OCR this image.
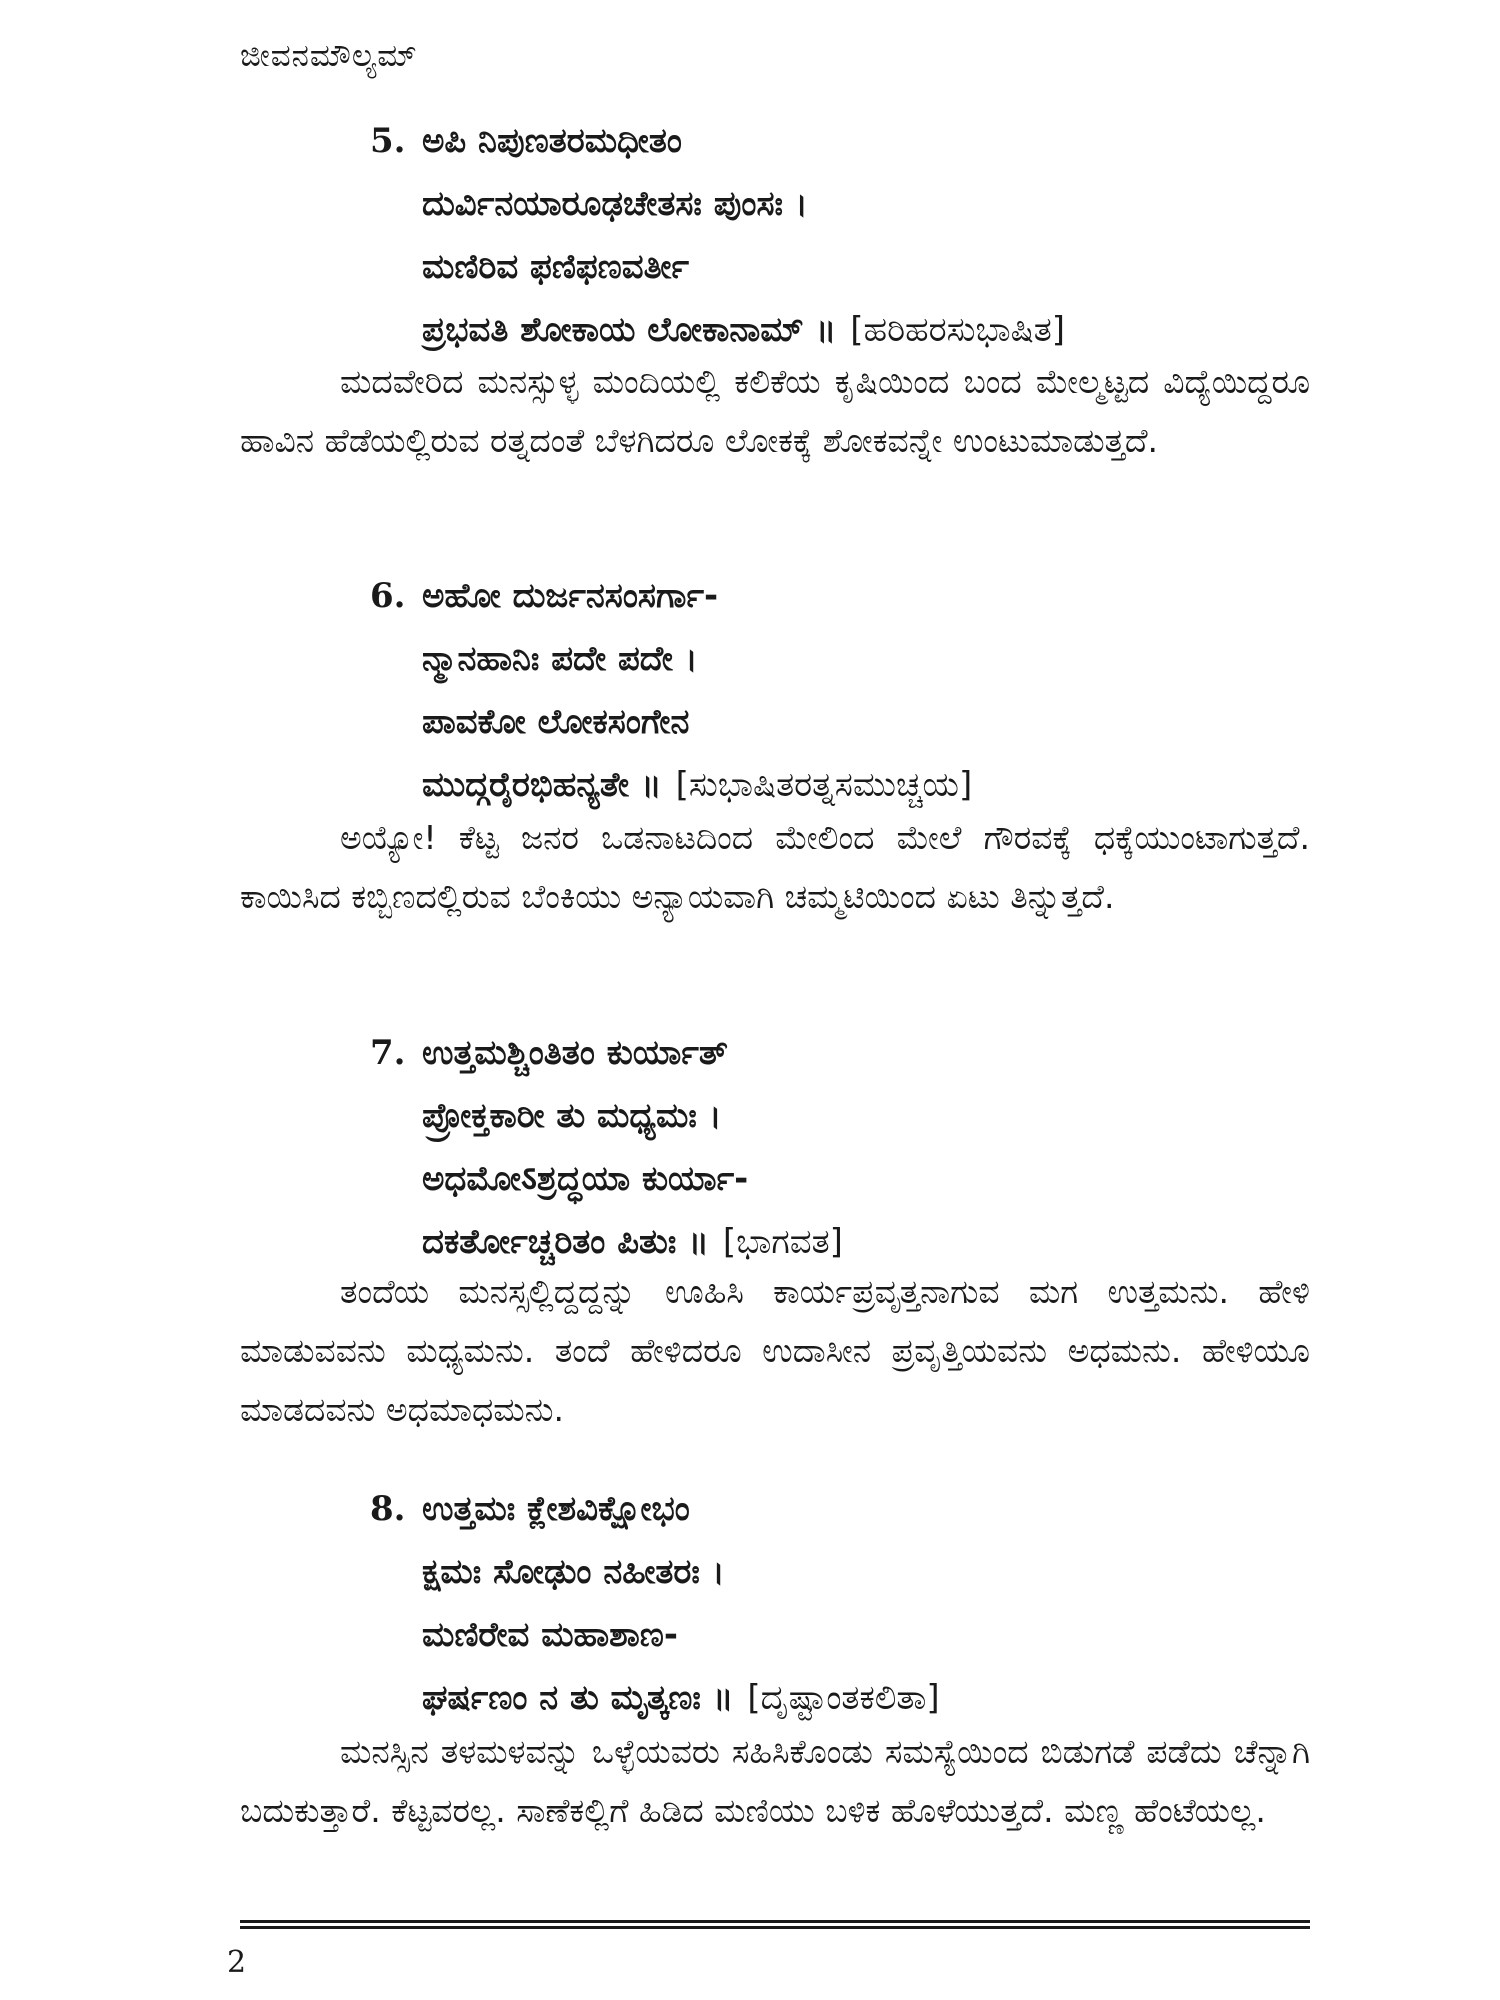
ಜೀವನಮೌಲ್ಯಮ್
5. ಅಪಿ ನಿಪುಣತರಮಧೀತಂ
ದುರ್ವಿನಯಾರೂಢಚೇತಸಃ ಪುಂಸಃ ।
ಮಣಿರಿವ ಫಣಿಫಣವರ್ತೀ
ಪ್ರಭವತಿ ಶೋಕಾಯ ಲೋಕಾನಾಮ್ ॥ [ಹರಿಹರಸುಭಾಷಿತ]
ಮದವೇರಿದ ಮನಸ್ಸುಳ್ಳ ಮಂದಿಯಲ್ಲಿ ಕಲಿಕೆಯ ಕೃಷಿಯಿಂದ ಬಂದ ಮೇಲ್ಮಟ್ಟದ ವಿದ್ಯೆಯಿದ್ದರೂ ಹಾವಿನ ಹೆಡೆಯಲ್ಲಿರುವ ರತ್ನದಂತೆ ಬೆಳಗಿದರೂ ಲೋಕಕ್ಕೆ ಶೋಕವನ್ನೇ ಉಂಟುಮಾಡುತ್ತದೆ.
6. ಅಹೋ ದುರ್ಜನಸಂಸರ್ಗಾ-
ನ್ಮಾನಹಾನಿಃ ಪದೇ ಪದೇ ।
ಪಾವಕೋ ಲೋಕಸಂಗೇನ
ಮುದ್ಗರೈರಭಿಹನ್ಯತೇ ॥ [ಸುಭಾಷಿತರತ್ನಸಮುಚ್ಚಯ]
ಅಯ್ಯೋ! ಕೆಟ್ಟ ಜನರ ಒಡನಾಟದಿಂದ ಮೇಲಿಂದ ಮೇಲೆ ಗೌರವಕ್ಕೆ ಧಕ್ಕೆಯುಂಟಾಗುತ್ತದೆ. ಕಾಯಿಸಿದ ಕಬ್ಬಿಣದಲ್ಲಿರುವ ಬೆಂಕಿಯು ಅನ್ಯಾಯವಾಗಿ ಚಮ್ಮಟಿಯಿಂದ ಏಟು ತಿನ್ನುತ್ತದೆ.
7. ಉತ್ತಮಶ್ಚಿಂತಿತಂ ಕುರ್ಯಾತ್
ಪ್ರೋಕ್ತಕಾರೀ ತು ಮಧ್ಯಮಃ ।
ಅಧಮೋऽಶ್ರದ್ಧಯಾ ಕುರ್ಯಾ-
ದಕರ್ತೋಚ್ಚರಿತಂ ಪಿತುಃ ॥ [ಭಾಗವತ]
ತಂದೆಯ ಮನಸ್ಸಲ್ಲಿದ್ದದ್ದನ್ನು ಊಹಿಸಿ ಕಾರ್ಯಪ್ರವೃತ್ತನಾಗುವ ಮಗ ಉತ್ತಮನು. ಹೇಳಿ ಮಾಡುವವನು ಮಧ್ಯಮನು. ತಂದೆ ಹೇಳಿದರೂ ಉದಾಸೀನ ಪ್ರವೃತ್ತಿಯವನು ಅಧಮನು. ಹೇಳಿಯೂ ಮಾಡದವನು ಅಧಮಾಧಮನು.
8. ಉತ್ತಮಃ ಕ್ಲೇಶವಿಕ್ಷೋಭಂ
ಕ್ಷಮಃ ಸೋಢುಂ ನಹೀತರಃ ।
ಮಣಿರೇವ ಮಹಾಶಾಣ-
ಘರ್ಷಣಂ ನ ತು ಮೃತ್ಕಣಃ ॥ [ದೃಷ್ಟಾಂತಕಲಿತಾ]
ಮನಸ್ಸಿನ ತಳಮಳವನ್ನು ಒಳ್ಳೆಯವರು ಸಹಿಸಿಕೊಂಡು ಸಮಸ್ಯೆಯಿಂದ ಬಿಡುಗಡೆ ಪಡೆದು ಚೆನ್ನಾಗಿ ಬದುಕುತ್ತಾರೆ. ಕೆಟ್ಟವರಲ್ಲ. ಸಾಣೆಕಲ್ಲಿಗೆ ಹಿಡಿದ ಮಣಿಯು ಬಳಿಕ ಹೊಳೆಯುತ್ತದೆ. ಮಣ್ಣ ಹೆಂಟೆಯಲ್ಲ.
2
